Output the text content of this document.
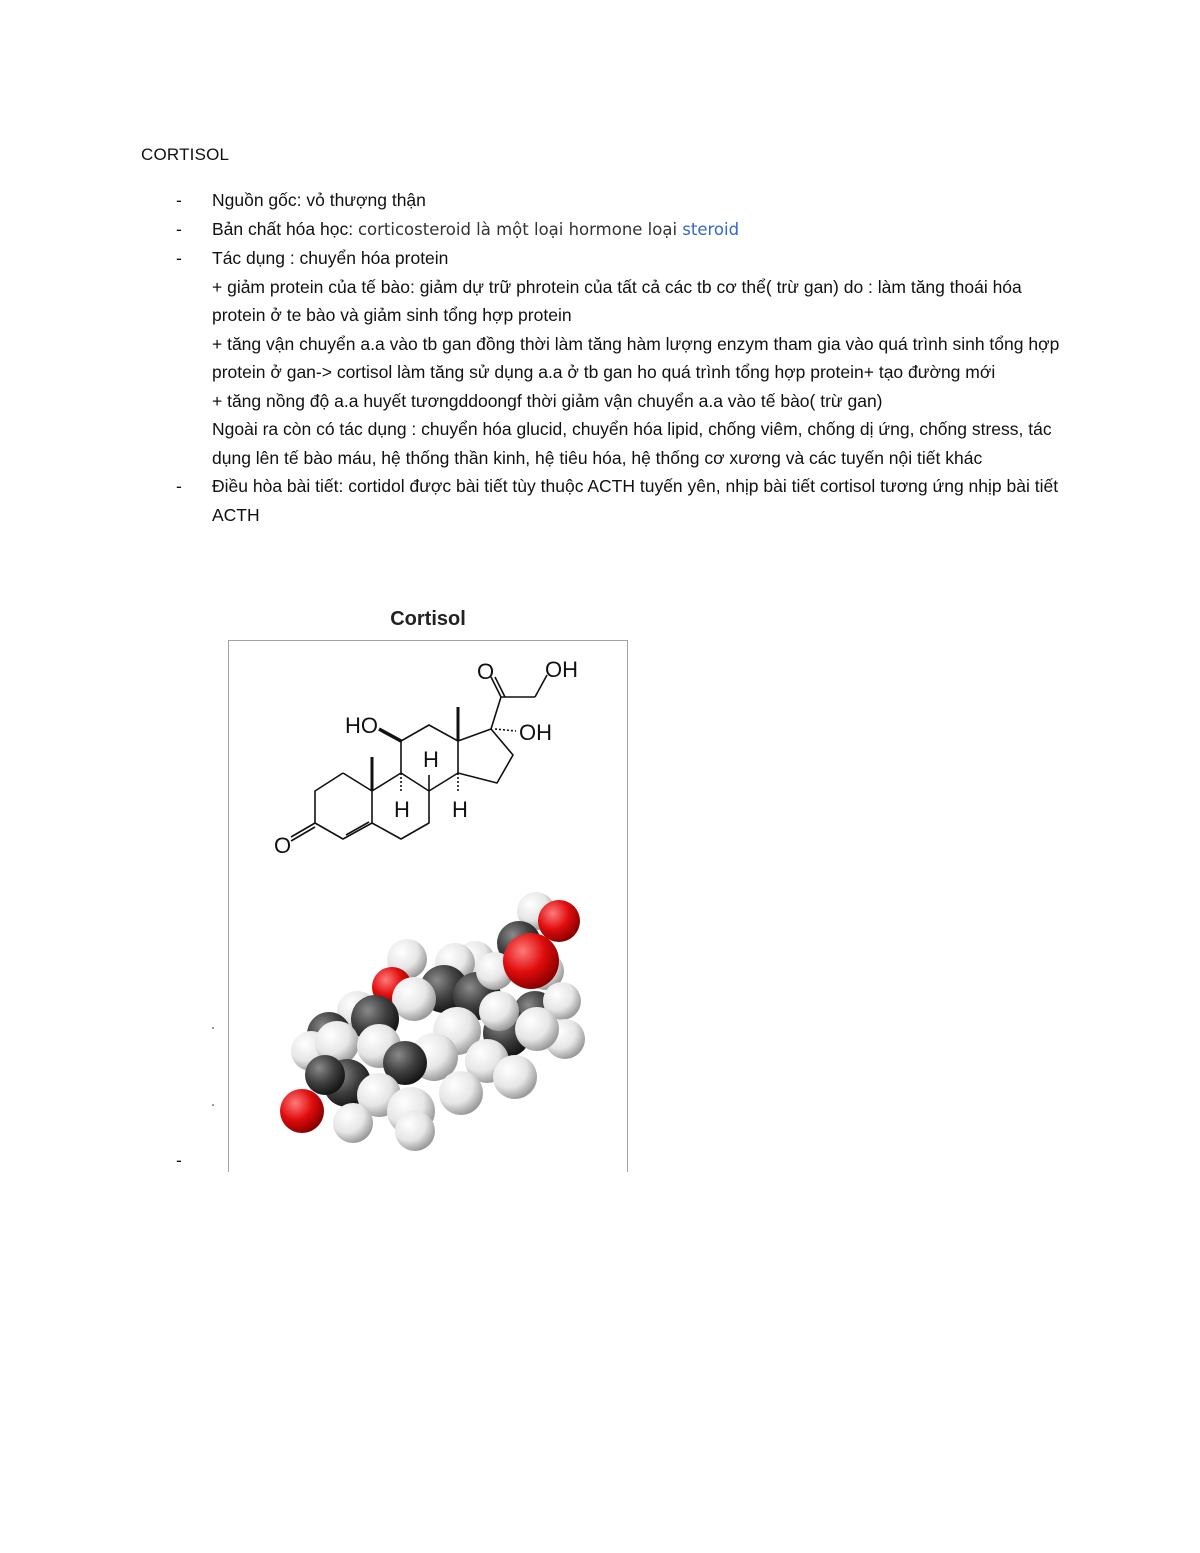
CORTISOL
-	Nguồn gốc: vỏ thượng thận
-	Bản chất hóa học: corticosteroid là một loại hormone loại steroid
-	Tác dụng : chuyển hóa protein
+ giảm protein của tế bào: giảm dự trữ phrotein của tất cả các tb cơ thể( trừ gan) do : làm tăng thoái hóa protein ở te bào và giảm sinh tổng hợp protein
+ tăng vận chuyển a.a vào tb gan đồng thời làm tăng hàm lượng enzym tham gia vào quá trình sinh tổng hợp protein ở gan-> cortisol làm tăng sử dụng a.a ở tb gan ho quá trình tổng hợp protein+ tạo đường mới
+ tăng nồng độ a.a huyết tươngddoongf thời giảm vận chuyển a.a vào tế bào( trừ gan)
Ngoài ra còn có tác dụng : chuyển hóa glucid, chuyển hóa lipid, chống viêm, chống dị ứng, chống stress, tác dụng lên tế bào máu, hệ thống thần kinh, hệ tiêu hóa, hệ thống cơ xương và các tuyến nội tiết khác
-	Điều hòa bài tiết: cortidol được bài tiết tùy thuộc ACTH tuyến yên, nhịp bài tiết cortisol tương ứng nhịp bài tiết ACTH
Cortisol
O OH
HO	OH
H
H H
O
-
